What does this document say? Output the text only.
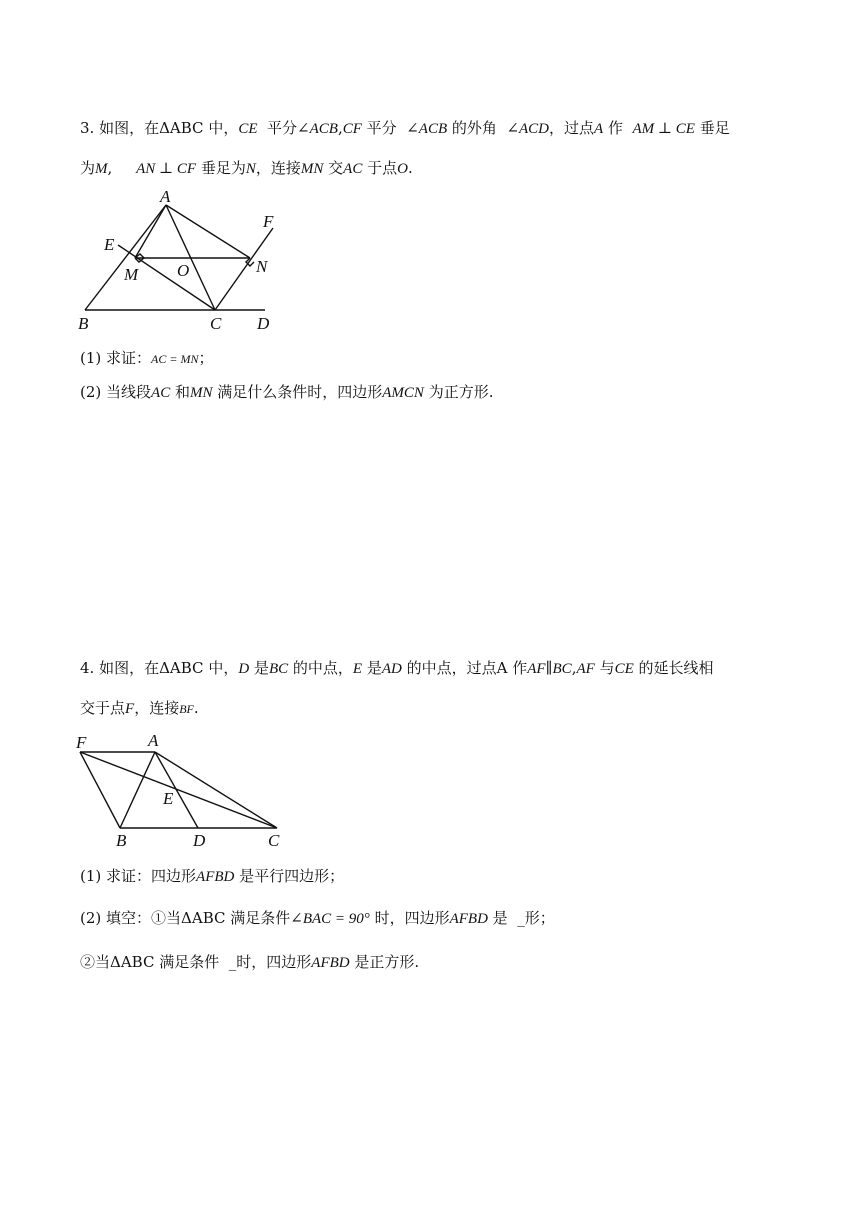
3. 如图，在ΔABC 中，CE  平分∠ACB,CF 平分  ∠ACB 的外角  ∠ACD，过点A 作  AM ⊥ CE 垂足
为M,     AN ⊥ CF 垂足为N，连接MN 交AC 于点O.
A
F
E
M O	N
B	C D
(1) 求证：AC = MN；
(2) 当线段AC 和MN 满足什么条件时，四边形AMCN 为正方形.
4. 如图，在ΔABC 中，D 是BC 的中点，E 是AD 的中点，过点A 作AF∥BC,AF 与CE 的延长线相
交于点F，连接BF.
F	A
E
B	D	C
(1) 求证：四边形AFBD 是平行四边形；
(2) 填空：①当ΔABC 满足条件∠BAC = 90° 时，四边形AFBD 是  _形；
②当ΔABC 满足条件  _时，四边形AFBD 是正方形.
